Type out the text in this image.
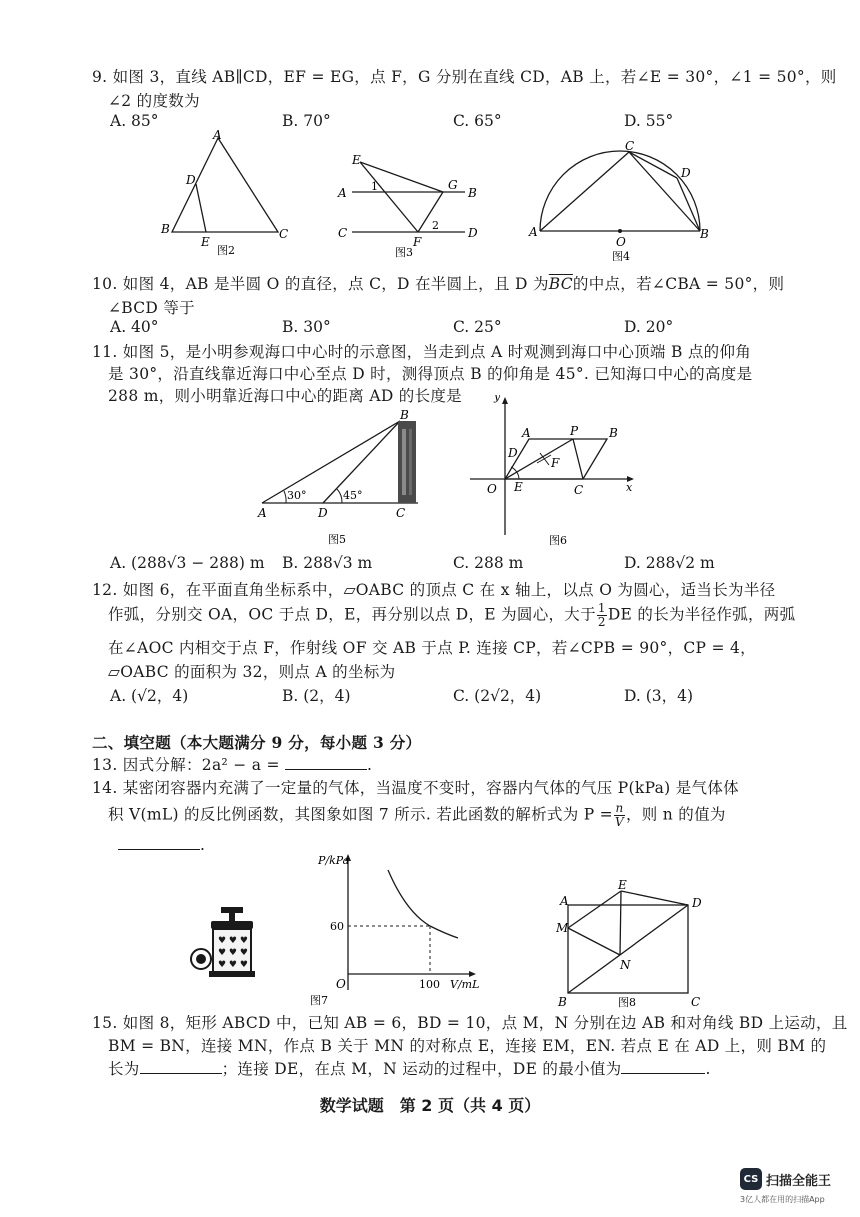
9. 如图 3，直线 AB∥CD，EF = EG，点 F，G 分别在直线 CD，AB 上，若∠E = 30°，∠1 = 50°，则
∠2 的度数为
A. 85°	B. 70°	C. 65°	D. 55°
A
D
B
E
C
图2
E
A 1	G
B
C
2
F
D
图3
C
D
A
O
B
图4
10. 如图 4，AB 是半圆 O 的直径，点 C，D 在半圆上，且 D 为$\overline{BC}$的中点，若∠CBA = 50°，则
∠BCD 等于
A. 40°	B. 30°	C. 25°	D. 20°
11. 如图 5，是小明参观海口中心时的示意图，当走到点 A 时观测到海口中心顶端 B 点的仰角
是 30°，沿直线靠近海口中心至点 D 时，测得顶点 B 的仰角是 45°. 已知海口中心的高度是
288 m，则小明靠近海口中心的距离 AD 的长度是
B
30°	45°
A	D	C
图5
y
A	P	B
D
F
O E	C	x
图6
A. (288√3 − 288) m B. 288√3 m	C. 288 m	D. 288√2 m
12. 如图 6，在平面直角坐标系中，▱OABC 的顶点 C 在 x 轴上，以点 O 为圆心，适当长为半径
作弧，分别交 OA，OC 于点 D，E，再分别以点 D，E 为圆心，大于 $\frac{1}{2}$ DE 的长为半径作弧，两弧
在∠AOC 内相交于点 F，作射线 OF 交 AB 于点 P. 连接 CP，若∠CPB = 90°，CP = 4，
▱OABC 的面积为 32，则点 A 的坐标为
A. (√2，4)	B. (2，4)	C. (2√2，4)	D. (3，4)
二、填空题（本大题满分 9 分，每小题 3 分）
13. 因式分解：2a² − a =	.
14. 某密闭容器内充满了一定量的气体，当温度不变时，容器内气体的气压 P(kPa) 是气体体
积 V(mL) 的反比例函数，其图象如图 7 所示. 若此函数的解析式为 $P = \frac{n}{V}$ ，则 n 的值为
.
♥ ♥ ♥
♥ ♥ ♥
♥ ♥ ♥
P/kPa
60
O	100 V/mL
图7
A
E
D
M
N
B	C
图8
15. 如图 8，矩形 ABCD 中，已知 AB = 6，BD = 10，点 M，N 分别在边 AB 和对角线 BD 上运动，且
BM = BN，连接 MN，作点 B 关于 MN 的对称点 E，连接 EM，EN. 若点 E 在 AD 上，则 BM 的
长为	；连接 DE，在点 M，N 运动的过程中，DE 的最小值为	.
数学试题　第 2 页（共 4 页）
CS 扫描全能王
3亿人都在用的扫描App
